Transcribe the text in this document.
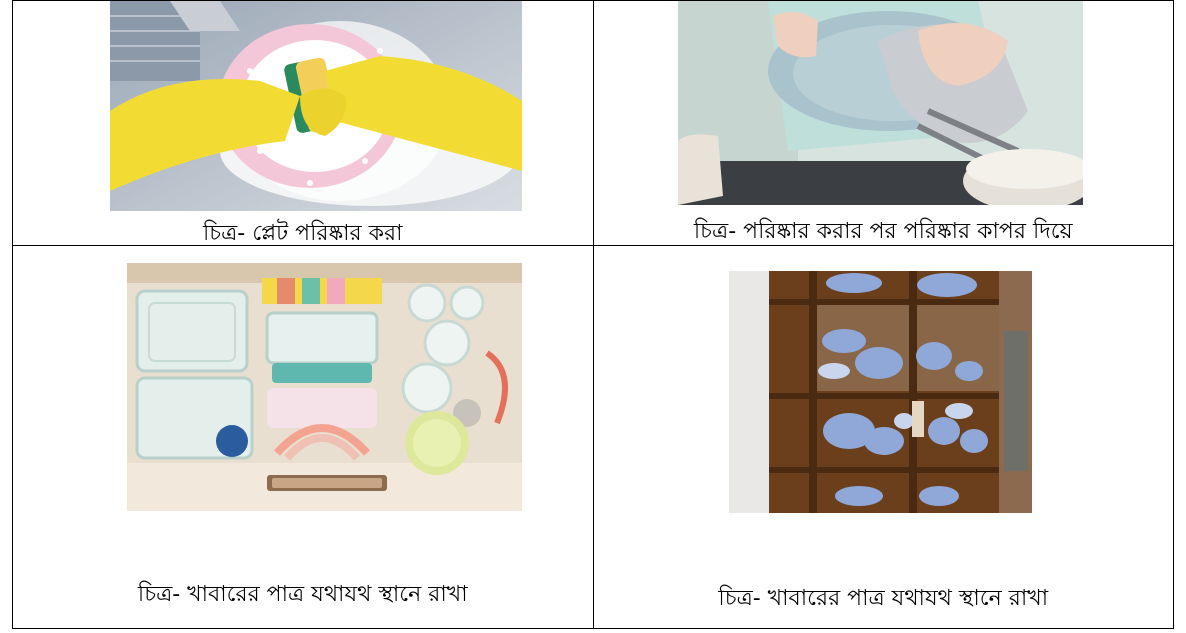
চিত্র- প্লেট পরিষ্কার করা	চিত্র- পরিষ্কার করার পর পরিষ্কার কাপর দিয়ে

চিত্র- খাবারের পাত্র যথাযথ স্থানে রাখা	চিত্র- খাবারের পাত্র যথাযথ স্থানে রাখা
